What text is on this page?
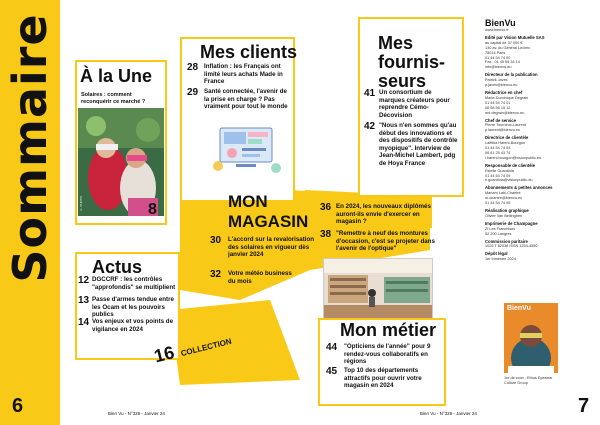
Sommaire
6
À la Une
Solaires : comment reconquérir ce marché ?
© PHOTO	8
Mes clients
28 Inflation : les Français ont limité leurs achats Made in France
29 Santé connectée, l'avenir de la prise en charge ? Pas vraiment pour tout le monde
Mes
fournis-
seurs
41 Un consortium de marques créateurs pour reprendre Cémo-Décovision
42 "Nous n'en sommes qu'au début des innovations et des dispositifs de contrôle myopique". Interview de Jean-Michel Lambert, pdg de Hoya France
MON
MAGASIN
30 L'accord sur la revalorisation des solaires en vigueur dès janvier 2024
32 Votre météo business du mois
36 En 2024, les nouveaux diplômés auront-ils envie d'exercer en magasin ?
38 "Remettre à neuf des montures d'occasion, c'est se projeter dans l'avenir de l'optique"
Actus
12 DGCCRF : les contrôles "approfondis" se multiplient
13 Passe d'armes tendue entre les Ocam et les pouvoirs publics
14 Vos enjeux et vos points de vigilance en 2024
16 COLLECTION
Mon métier
44 "Opticiens de l'année" pour 9 rendez-vous collaboratifs en régions
45 Top 10 des départements attractifs pour ouvrir votre magasin en 2024
Bien Vu - N°329 - Janvier 24	Bien Vu - N°329 - Janvier 24	7
BienVu
www.bienvu.fr
Edité par Vision Mutuelle SAS
au capital de 37 000 €
130 av. du Général Leclerc
75014 Paris
01 44 54 74 00
Fax : 01 45 65 34 14
info@bienvu.eu
Directeur de la publication
Patrick Javes
p.javes@bienvu.eu
Rédactrice en chef
Marie-Dominique Degrain
01 44 54 74 01
06 68 56 15 12
md.degrain@bienvu.eu
Chef de service
Pierre Tourneux-Laurent
p.laurent@bienvu.eu
Directrice de clientèle
Laëtitia Hareni-Bourgon
01 44 54 74 04
06 61 25 43 74
l.hareni.bourgon@visionpublic.eu
Responsable de clientèle
Estelle Guardiola
01 44 54 74 09
e.guardiola@visionpublic.eu
Abonnements & petites annonces
Mariam Lahi-Chantre
m.chantre@bienvu.eu
01 44 54 74 05
Réalisation graphique
Olivier Van Bellinghen
Imprimerie de Champagne
ZI Les Franchises
52 200 Langres
Commission paritaire
1026 T 82038 ISSN 1254-4550
Dépôt légal
1er trimestre 2024
BienVu
1re de couv : Ethos Eyewear
Culture Group
